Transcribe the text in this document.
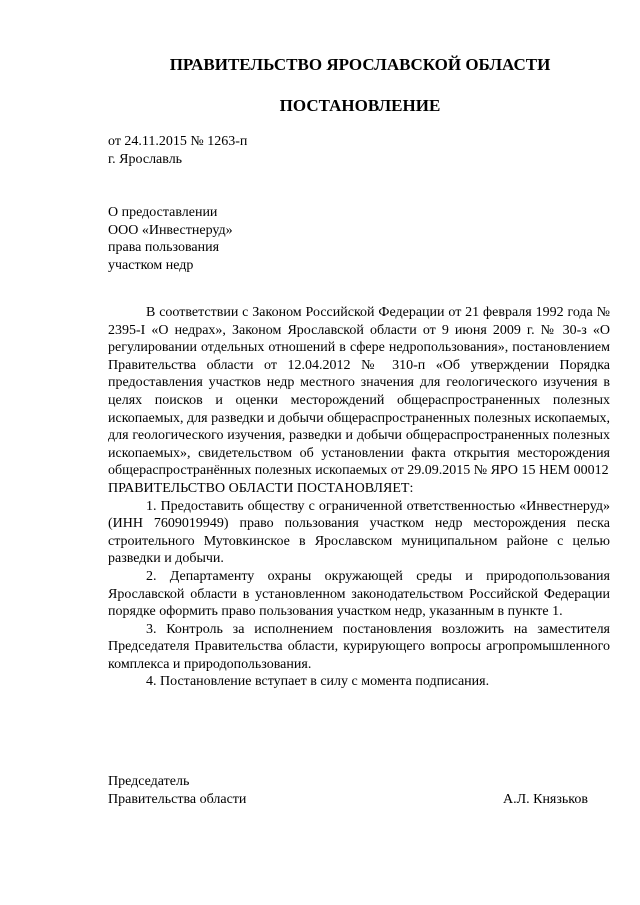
ПРАВИТЕЛЬСТВО ЯРОСЛАВСКОЙ ОБЛАСТИ
ПОСТАНОВЛЕНИЕ
от 24.11.2015 № 1263-п
г. Ярославль
О предоставлении
ООО «Инвестнеруд»
права пользования
участком недр

В соответствии с Законом Российской Федерации от 21 февраля 1992 года № 2395-I «О недрах», Законом Ярославской области от 9 июня 2009 г. № 30-з «О регулировании отдельных отношений в сфере недропользования», постановлением Правительства области от 12.04.2012 № 310-п «Об утверждении Порядка предоставления участков недр местного значения для геологического изучения в целях поисков и оценки месторождений общераспространенных полезных ископаемых, для разведки и добычи общераспространенных полезных ископаемых, для геологического изучения, разведки и добычи общераспространенных полезных ископаемых», свидетельством об установлении факта открытия месторождения общераспространённых полезных ископаемых от 29.09.2015 № ЯРО 15 НЕМ 00012

ПРАВИТЕЛЬСТВО ОБЛАСТИ ПОСТАНОВЛЯЕТ:

1. Предоставить обществу с ограниченной ответственностью «Инвестнеруд» (ИНН 7609019949) право пользования участком недр месторождения песка строительного Мутовкинское в Ярославском муниципальном районе с целью разведки и добычи.

2. Департаменту охраны окружающей среды и природопользования Ярославской области в установленном законодательством Российской Федерации порядке оформить право пользования участком недр, указанным в пункте 1.

3. Контроль за исполнением постановления возложить на заместителя Председателя Правительства области, курирующего вопросы агропромышленного комплекса и природопользования.

4. Постановление вступает в силу с момента подписания.

Председатель
Правительства области	А.Л. Князьков
